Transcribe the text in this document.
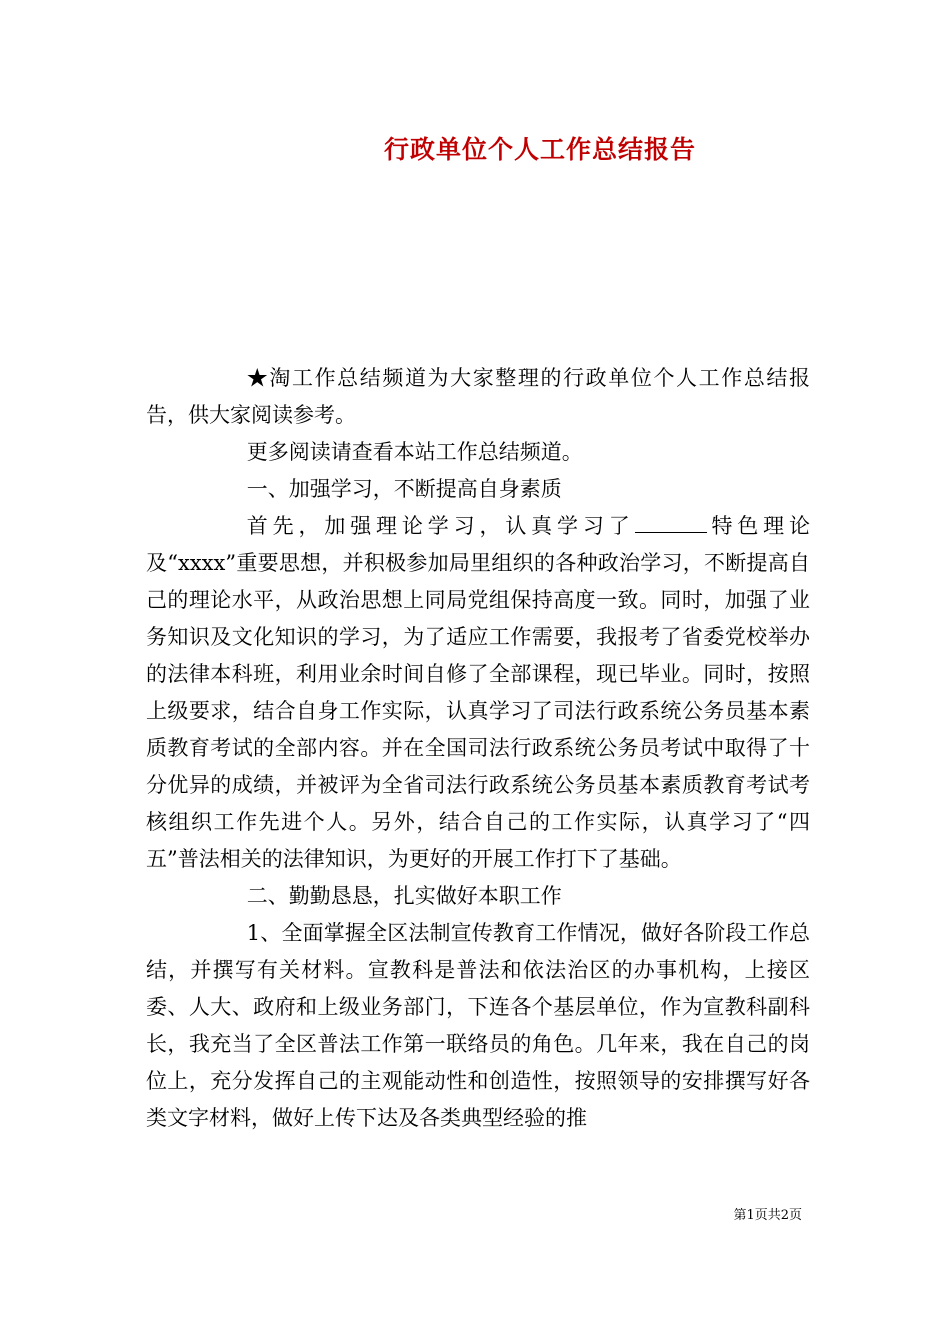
行政单位个人工作总结报告

★淘工作总结频道为大家整理的行政单位个人工作总结报告，供大家阅读参考。

更多阅读请查看本站工作总结频道。

一、加强学习，不断提高自身素质

首先，加强理论学习，认真学习了	特色理论及“xxxx”重要思想，并积极参加局里组织的各种政治学习，不断提高自己的理论水平，从政治思想上同局党组保持高度一致。同时，加强了业务知识及文化知识的学习，为了适应工作需要，我报考了省委党校举办的法律本科班，利用业余时间自修了全部课程，现已毕业。同时，按照上级要求，结合自身工作实际，认真学习了司法行政系统公务员基本素质教育考试的全部内容。并在全国司法行政系统公务员考试中取得了十分优异的成绩，并被评为全省司法行政系统公务员基本素质教育考试考核组织工作先进个人。另外，结合自己的工作实际，认真学习了“四五”普法相关的法律知识，为更好的开展工作打下了基础。

二、勤勤恳恳，扎实做好本职工作

1、全面掌握全区法制宣传教育工作情况，做好各阶段工作总结，并撰写有关材料。宣教科是普法和依法治区的办事机构，上接区委、人大、政府和上级业务部门，下连各个基层单位，作为宣教科副科长，我充当了全区普法工作第一联络员的角色。几年来，我在自己的岗位上，充分发挥自己的主观能动性和创造性，按照领导的安排撰写好各类文字材料，做好上传下达及各类典型经验的推

第1页共2页
